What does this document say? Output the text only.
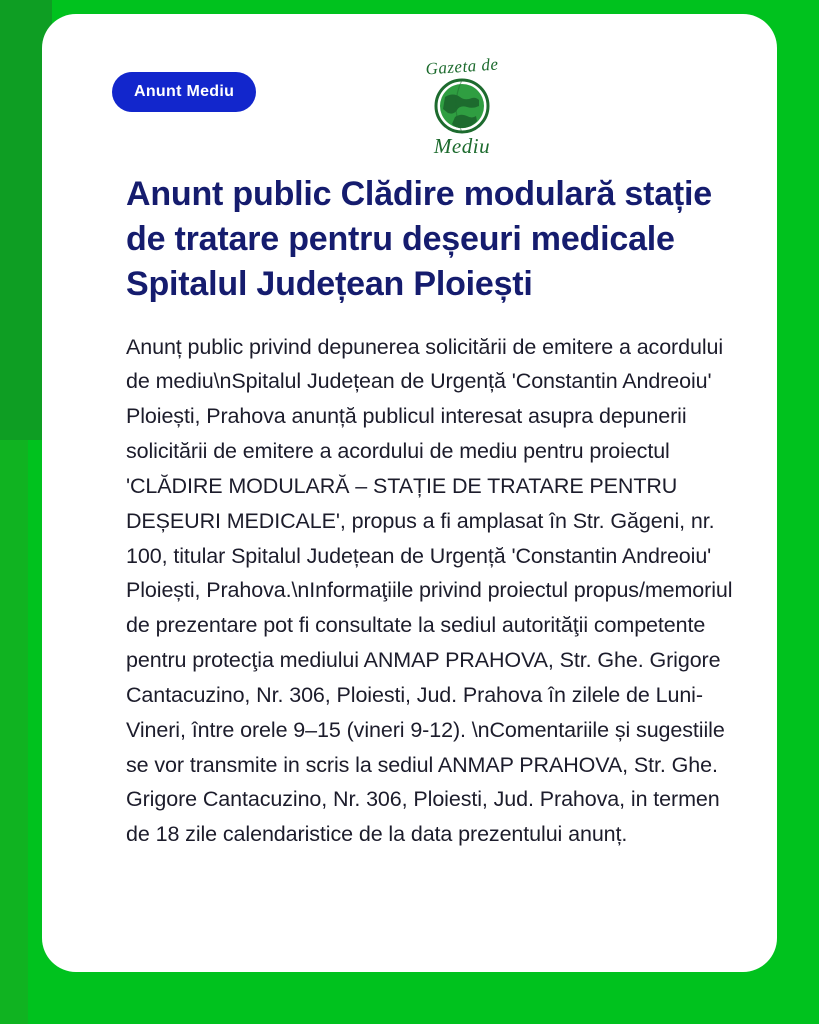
Anunt Mediu
Gazeta de
Mediu
Anunt public Clădire modulară stație de tratare pentru deșeuri medicale Spitalul Județean Ploiești

Anunț public privind depunerea solicitării de emitere a acordului de mediu\nSpitalul Județean de Urgență 'Constantin Andreoiu' Ploiești, Prahova anunță publicul interesat asupra depunerii solicitării de emitere a acordului de mediu pentru proiectul 'CLĂDIRE MODULARĂ – STAȚIE DE TRATARE PENTRU DEȘEURI MEDICALE', propus a fi amplasat în Str. Găgeni, nr. 100, titular Spitalul Județean de Urgență 'Constantin Andreoiu' Ploiești, Prahova.\nInformaţiile privind proiectul propus/memoriul de prezentare pot fi consultate la sediul autorităţii competente pentru protecţia mediului ANMAP PRAHOVA, Str. Ghe. Grigore Cantacuzino, Nr. 306, Ploiesti, Jud. Prahova în zilele de Luni-Vineri, între orele 9–15 (vineri 9-12). \nComentariile și sugestiile se vor transmite in scris la sediul ANMAP PRAHOVA, Str. Ghe. Grigore Cantacuzino, Nr. 306, Ploiesti, Jud. Prahova, in termen de 18 zile calendaristice de la data prezentului anunț.
